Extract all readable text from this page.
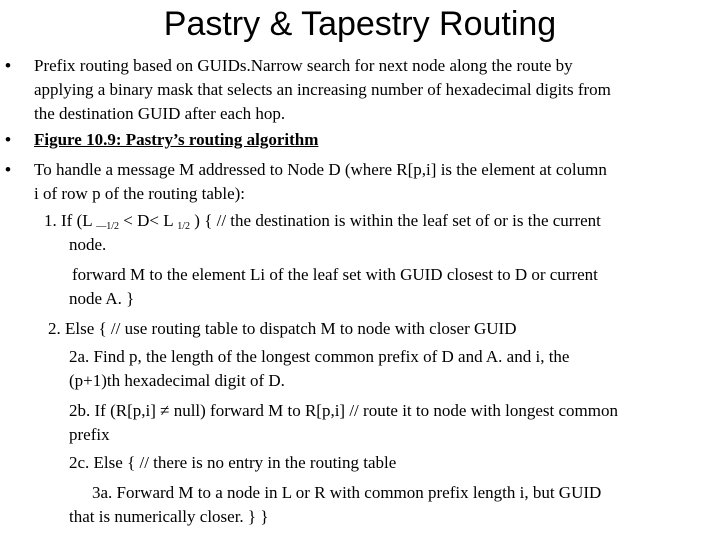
Pastry & Tapestry Routing
•
•
•
Prefix routing based on GUIDs.Narrow search for next node along the route by
applying a binary mask that selects an increasing number of hexadecimal digits from
the destination GUID after each hop.
Figure 10.9: Pastry’s routing algorithm
To handle a message M addressed to Node D (where R[p,i] is the element at column
i of row p of the routing table):
1. If (L —1/2 < D< L 1/2 ) { // the destination is within the leaf set of or is the current
node.
forward M to the element Li of the leaf set with GUID closest to D or current
node A. }
2. Else { // use routing table to dispatch M to node with closer GUID
2a. Find p, the length of the longest common prefix of D and A. and i, the
(p+1)th hexadecimal digit of D.
2b. If (R[p,i] ≠ null) forward M to R[p,i] // route it to node with longest common
prefix
2c. Else { // there is no entry in the routing table
3a. Forward M to a node in L or R with common prefix length i, but GUID
that is numerically closer. } }
